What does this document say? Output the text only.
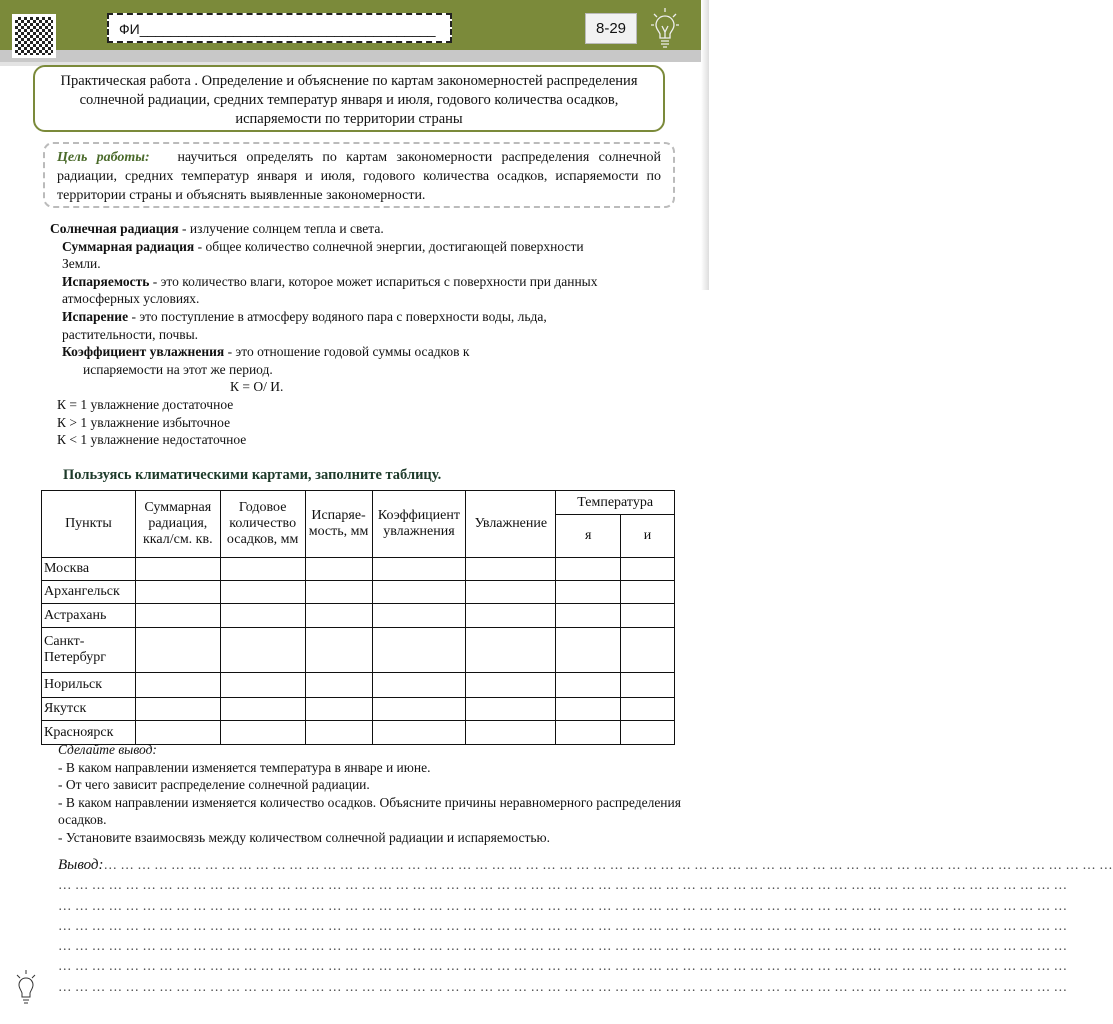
ФИ______________________________________	8-29
Практическая работа . Определение и объяснение по картам закономерностей распределения солнечной радиации, средних температур января и июля, годового количества осадков, испаряемости по территории страны
Цель работы: научиться определять по картам закономерности распределения солнечной радиации, средних температур января и июля, годового количества осадков, испаряемости по территории страны и объяснять выявленные закономерности.

Солнечная радиация - излучение солнцем тепла и света.

Суммарная радиация - общее количество солнечной энергии, достигающей поверхности Земли.

Испаряемость - это количество влаги, которое может испариться с поверхности при данных атмосферных условиях.

Испарение - это поступление в атмосферу водяного пара с поверхности воды, льда, растительности, почвы.

Коэффициент увлажнения - это отношение годовой суммы осадков к

испаряемости на этот же период.

К = О/ И.

К = 1 увлажнение достаточное

К > 1 увлажнение избыточное

К < 1 увлажнение недостаточное

Пользуясь климатическими картами, заполните таблицу.
Пункты	Суммарная радиация, ккал/см. кв.	Годовое количество осадков, мм	Испаряе-мость, мм	Коэффициент увлажнения	Увлажнение	Температура	
						я	и
Москва							
Архангельск							
Астрахань							
Санкт-Петербург							
Норильск							
Якутск							
Красноярск							

Сделайте вывод:

- В каком направлении изменяется температура в январе и июне.

- От чего зависит распределение солнечной радиации.

- В каком направлении изменяется количество осадков. Объясните причины неравномерного распределения осадков.

- Установите взаимосвязь между количеством солнечной радиации и испаряемостью.

Вывод:… … … … … … … … … … … … … … … … … … … … … … … … … … … … … … … … … … … … … … … … … … … … … … … … … … … … … … … … … … … …
… … … … … … … … … … … … … … … … … … … … … … … … … … … … … … … … … … … … … … … … … … … … … … … … … … … … … … … … … … … …
… … … … … … … … … … … … … … … … … … … … … … … … … … … … … … … … … … … … … … … … … … … … … … … … … … … … … … … … … … … …
… … … … … … … … … … … … … … … … … … … … … … … … … … … … … … … … … … … … … … … … … … … … … … … … … … … … … … … … … … … …
… … … … … … … … … … … … … … … … … … … … … … … … … … … … … … … … … … … … … … … … … … … … … … … … … … … … … … … … … … … …
… … … … … … … … … … … … … … … … … … … … … … … … … … … … … … … … … … … … … … … … … … … … … … … … … … … … … … … … … … … …
… … … … … … … … … … … … … … … … … … … … … … … … … … … … … … … … … … … … … … … … … … … … … … … … … … … … … … … … … … … …
